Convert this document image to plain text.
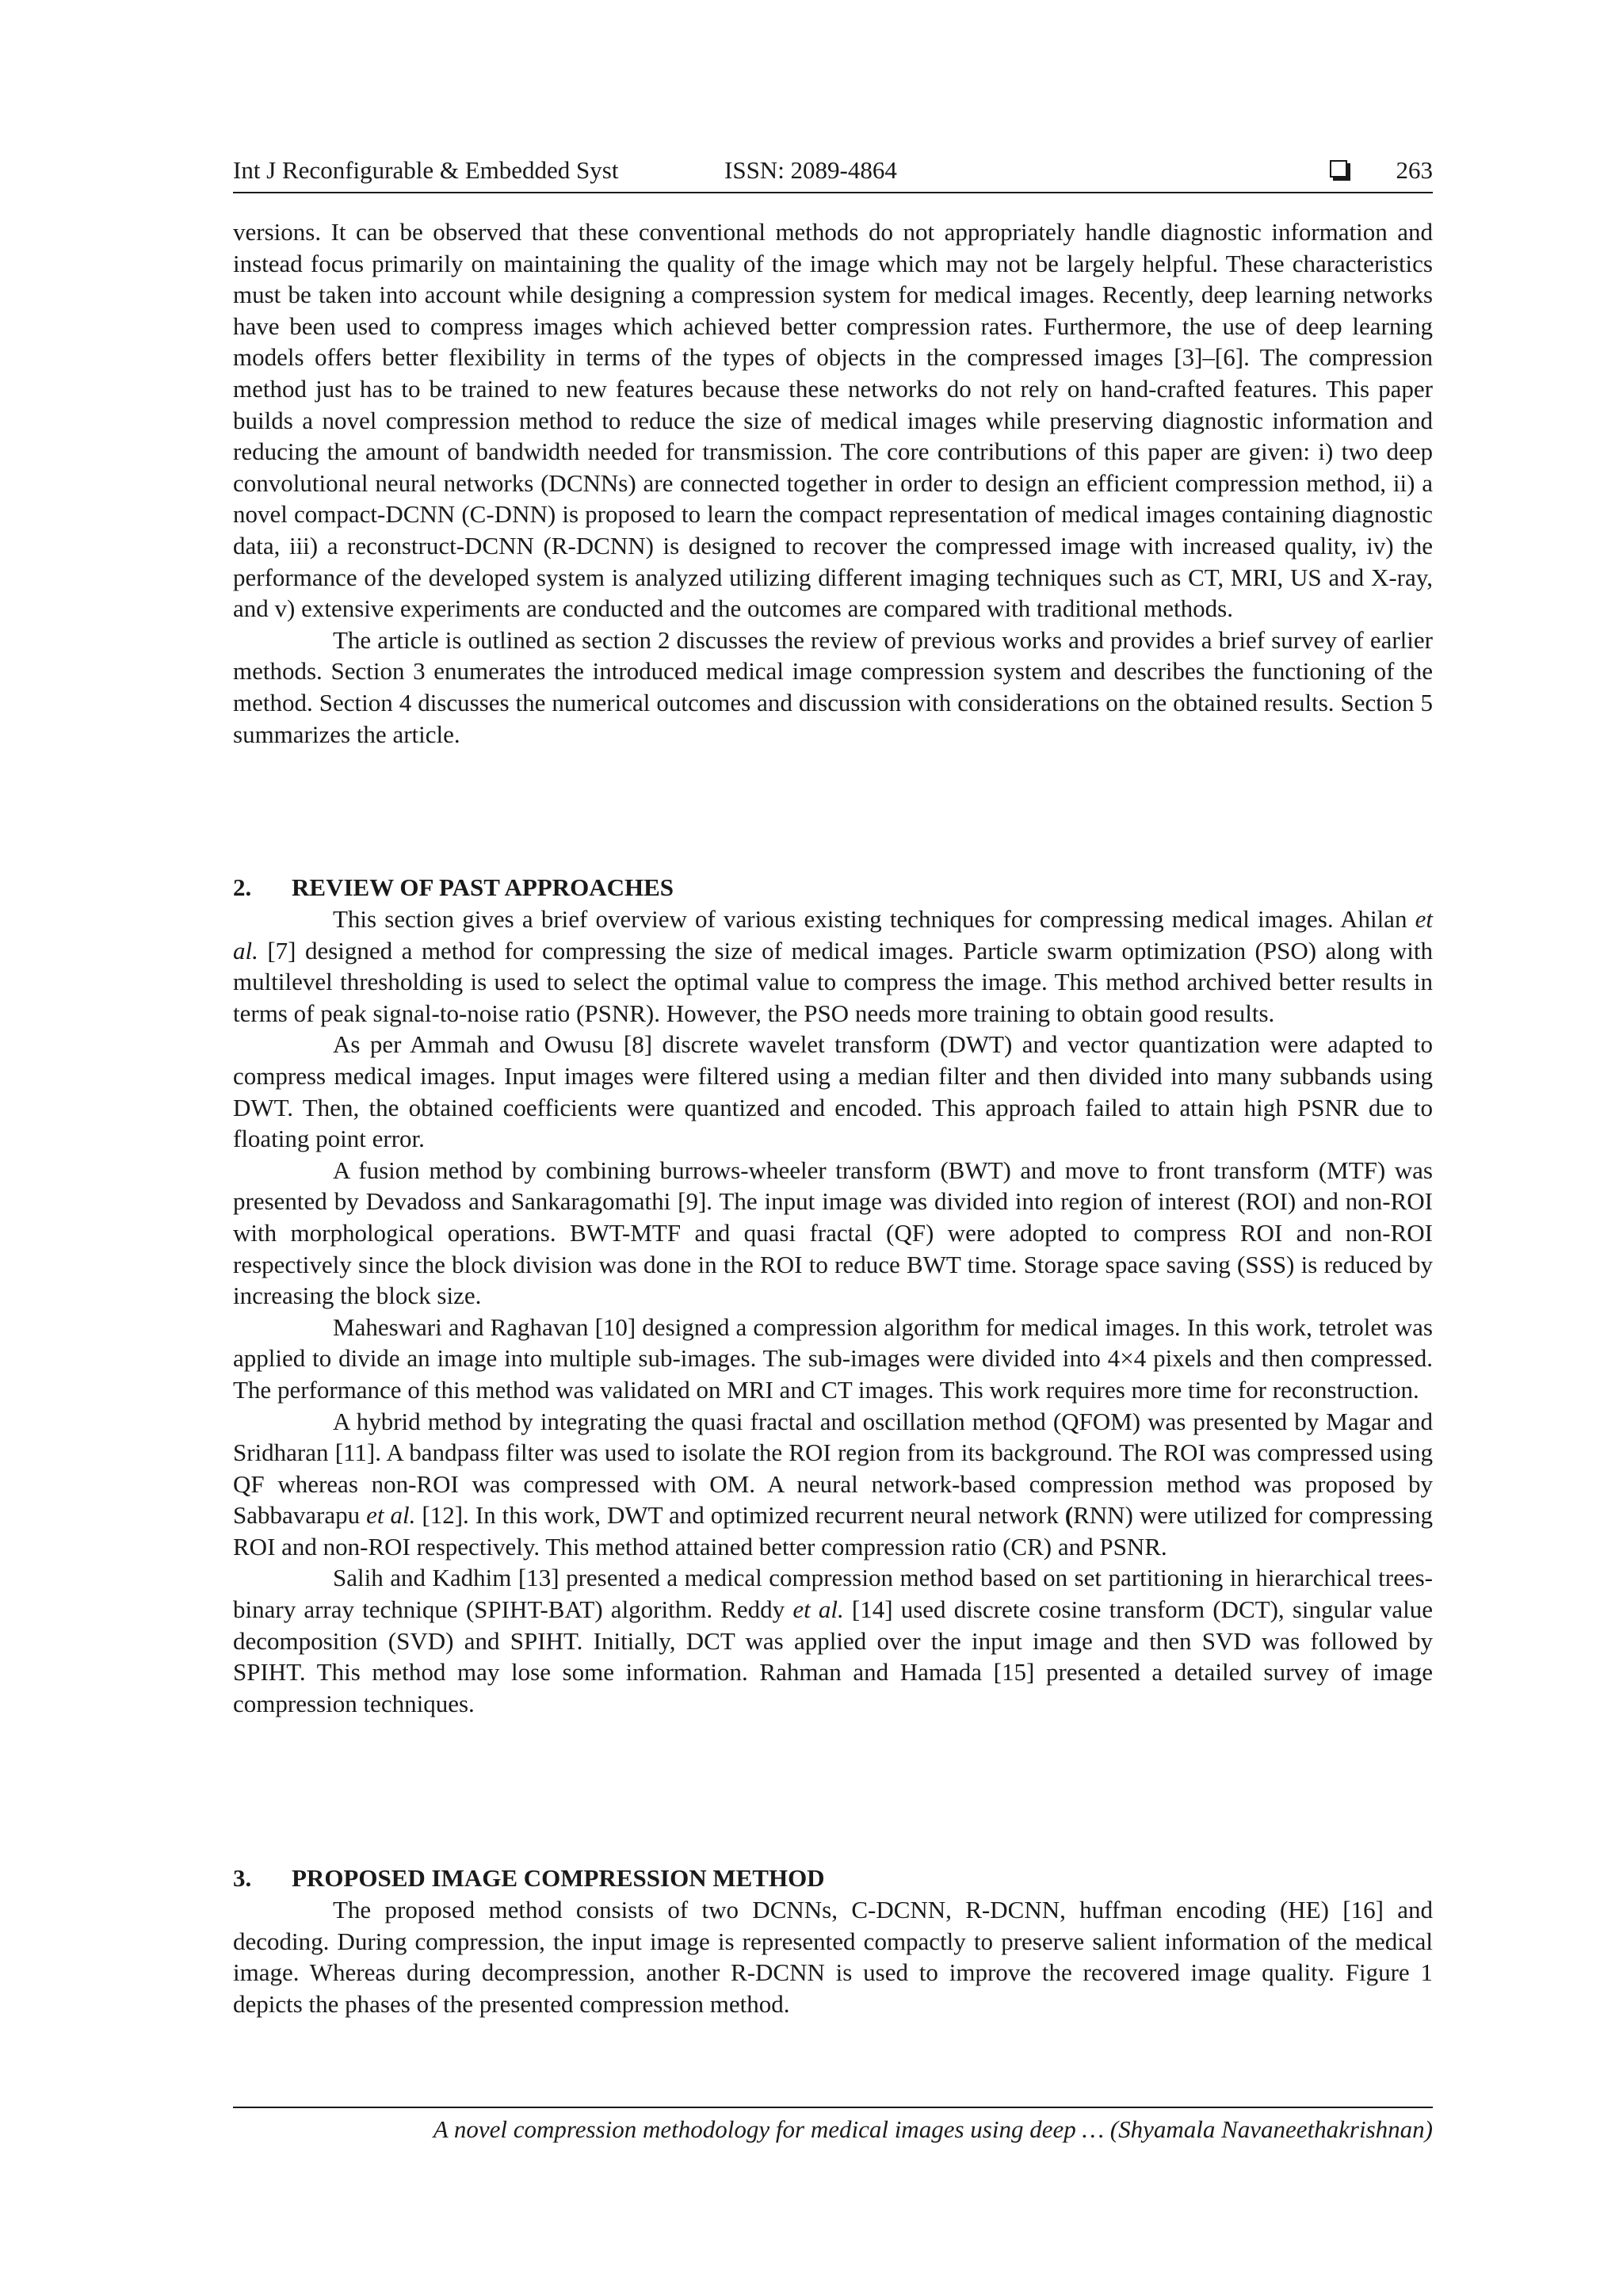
Int J Reconfigurable & Embedded Syst	ISSN: 2089-4864	263

versions. It can be observed that these conventional methods do not appropriately handle diagnostic information and instead focus primarily on maintaining the quality of the image which may not be largely helpful. These characteristics must be taken into account while designing a compression system for medical images. Recently, deep learning networks have been used to compress images which achieved better compression rates. Furthermore, the use of deep learning models offers better flexibility in terms of the types of objects in the compressed images [3]–[6]. The compression method just has to be trained to new features because these networks do not rely on hand-crafted features. This paper builds a novel compression method to reduce the size of medical images while preserving diagnostic information and reducing the amount of bandwidth needed for transmission. The core contributions of this paper are given: i) two deep convolutional neural networks (DCNNs) are connected together in order to design an efficient compression method, ii) a novel compact-DCNN (C-DNN) is proposed to learn the compact representation of medical images containing diagnostic data, iii) a reconstruct-DCNN (R-DCNN) is designed to recover the compressed image with increased quality, iv) the performance of the developed system is analyzed utilizing different imaging techniques such as CT, MRI, US and X-ray, and v) extensive experiments are conducted and the outcomes are compared with traditional methods.

The article is outlined as section 2 discusses the review of previous works and provides a brief survey of earlier methods. Section 3 enumerates the introduced medical image compression system and describes the functioning of the method. Section 4 discusses the numerical outcomes and discussion with considerations on the obtained results. Section 5 summarizes the article.

2. REVIEW OF PAST APPROACHES

This section gives a brief overview of various existing techniques for compressing medical images. Ahilan et al. [7] designed a method for compressing the size of medical images. Particle swarm optimization (PSO) along with multilevel thresholding is used to select the optimal value to compress the image. This method archived better results in terms of peak signal-to-noise ratio (PSNR). However, the PSO needs more training to obtain good results.

As per Ammah and Owusu [8] discrete wavelet transform (DWT) and vector quantization were adapted to compress medical images. Input images were filtered using a median filter and then divided into many subbands using DWT. Then, the obtained coefficients were quantized and encoded. This approach failed to attain high PSNR due to floating point error.

A fusion method by combining burrows-wheeler transform (BWT) and move to front transform (MTF) was presented by Devadoss and Sankaragomathi [9]. The input image was divided into region of interest (ROI) and non-ROI with morphological operations. BWT-MTF and quasi fractal (QF) were adopted to compress ROI and non-ROI respectively since the block division was done in the ROI to reduce BWT time. Storage space saving (SSS) is reduced by increasing the block size.

Maheswari and Raghavan [10] designed a compression algorithm for medical images. In this work, tetrolet was applied to divide an image into multiple sub-images. The sub-images were divided into 4×4 pixels and then compressed. The performance of this method was validated on MRI and CT images. This work requires more time for reconstruction.

A hybrid method by integrating the quasi fractal and oscillation method (QFOM) was presented by Magar and Sridharan [11]. A bandpass filter was used to isolate the ROI region from its background. The ROI was compressed using QF whereas non-ROI was compressed with OM. A neural network-based compression method was proposed by Sabbavarapu et al. [12]. In this work, DWT and optimized recurrent neural network (RNN) were utilized for compressing ROI and non-ROI respectively. This method attained better compression ratio (CR) and PSNR.

Salih and Kadhim [13] presented a medical compression method based on set partitioning in hierarchical trees-binary array technique (SPIHT-BAT) algorithm. Reddy et al. [14] used discrete cosine transform (DCT), singular value decomposition (SVD) and SPIHT. Initially, DCT was applied over the input image and then SVD was followed by SPIHT. This method may lose some information. Rahman and Hamada [15] presented a detailed survey of image compression techniques.

3. PROPOSED IMAGE COMPRESSION METHOD

The proposed method consists of two DCNNs, C-DCNN, R-DCNN, huffman encoding (HE) [16] and decoding. During compression, the input image is represented compactly to preserve salient information of the medical image. Whereas during decompression, another R-DCNN is used to improve the recovered image quality. Figure 1 depicts the phases of the presented compression method.

A novel compression methodology for medical images using deep … (Shyamala Navaneethakrishnan)
